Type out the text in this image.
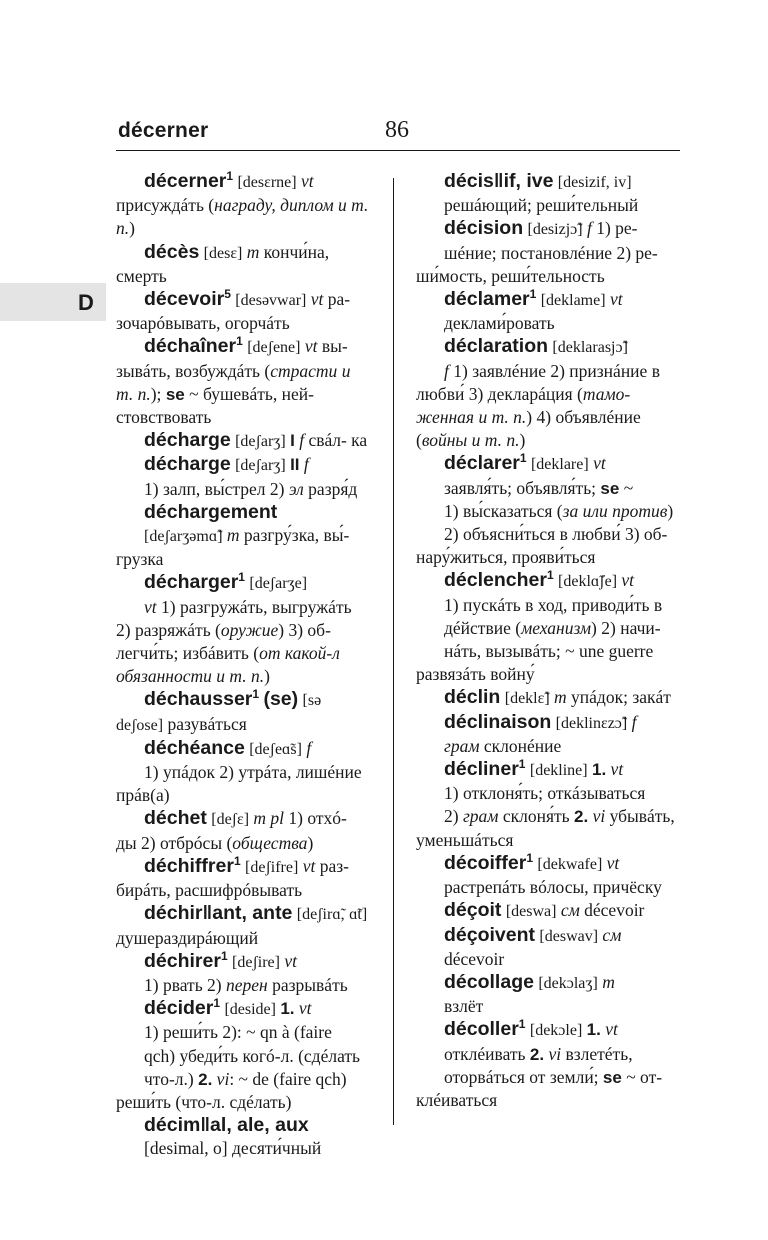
décerner	86
D

décerner$^1$ [desɛrne] vt присуждáть (награду, диплом и т. п.)

décès [desɛ] m кончи́на, смерть

décevoir$^5$ [desəvwar] vt ра- зочарóвывать, огорчáть

déchaîner$^1$ [deʃene] vt вы- зывáть, возбуждáть (страсти и т. п.); se ~ бушевáть, ней- стовствовать

décharge [deʃarʒ] I f свáл- ка

décharge [deʃarʒ] II f
1) залп, вы́стрел 2) эл разря́д

déchargement
[deʃarʒəmɑ̃] m разгру́зка, вы́-
грузка

décharger$^1$ [deʃarʒe]
vt 1) разгружáть, выгружáть
2) разряжáть (оружие) 3) об- легчи́ть; избáвить (от какой-л обязанности и т. п.)

déchausser$^1$ (se) [sə deʃose] разувáться

déchéance [deʃeɑ̃s] f
1) упáдок 2) утрáта, лишéние
прáв(а)

déchet [deʃɛ] m pl 1) отхó- ды 2) отбрóсы (общества)

déchiffrer$^1$ [deʃifre] vt раз- бирáть, расшифрóвывать

déchir‖ant, ante [deʃirɑ̃, ɑ̃t] душераздирáющий

déchirer$^1$ [deʃire] vt
1) рвать 2) перен разрывáть

décider$^1$ [deside] 1. vt
1) реши́ть 2): ~ qn à (faire
qch) убеди́ть когó-л. (сдéлать
что-л.) 2. vi: ~ de (faire qch)
реши́ть (что-л. сдéлать)

décim‖al, ale, aux
[desimal, o] десяти́чный

décis‖if, ive [desizif, iv]
решáющий; реши́тельный

décision [desizjɔ̃] f 1) ре-
шéние; постановлéние 2) ре-
ши́мость, реши́тельность

déclamer$^1$ [deklame] vt
деклами́ровать

déclaration [deklarasjɔ̃]
f 1) заявлéние 2) признáние в
любви́ 3) декларáция (тамо- женная и т. п.) 4) объявлéние (войны и т. п.)

déclarer$^1$ [deklare] vt
заявля́ть; объявля́ть; se ~
1) вы́сказаться (за или против)
2) объясни́ться в любви́ 3) об-
нару́житься, прояви́ться

déclencher$^1$ [deklɑ̃ʃe] vt
1) пускáть в ход, приводи́ть в
дéйствие (механизм) 2) начи-
нáть, вызывáть; ~ une guerre
развязáть войну́

déclin [deklɛ̃] m упáдок; закáт

déclinaison [deklinɛzɔ̃] f
грам склонéние

décliner$^1$ [dekline] 1. vt
1) отклоня́ть; откáзываться
2) грам склоня́ть 2. vi убывáть,
уменьшáться

décoiffer$^1$ [dekwafe] vt
растрепáть вóлосы, причёску

déçoit [deswa] см décevoir

déçoivent [deswav] см
décevoir

décollage [dekɔlaʒ] m
взлёт

décoller$^1$ [dekɔle] 1. vt
отклéивать 2. vi взлетéть,
оторвáться от земли́; se ~ от-
клéиваться
